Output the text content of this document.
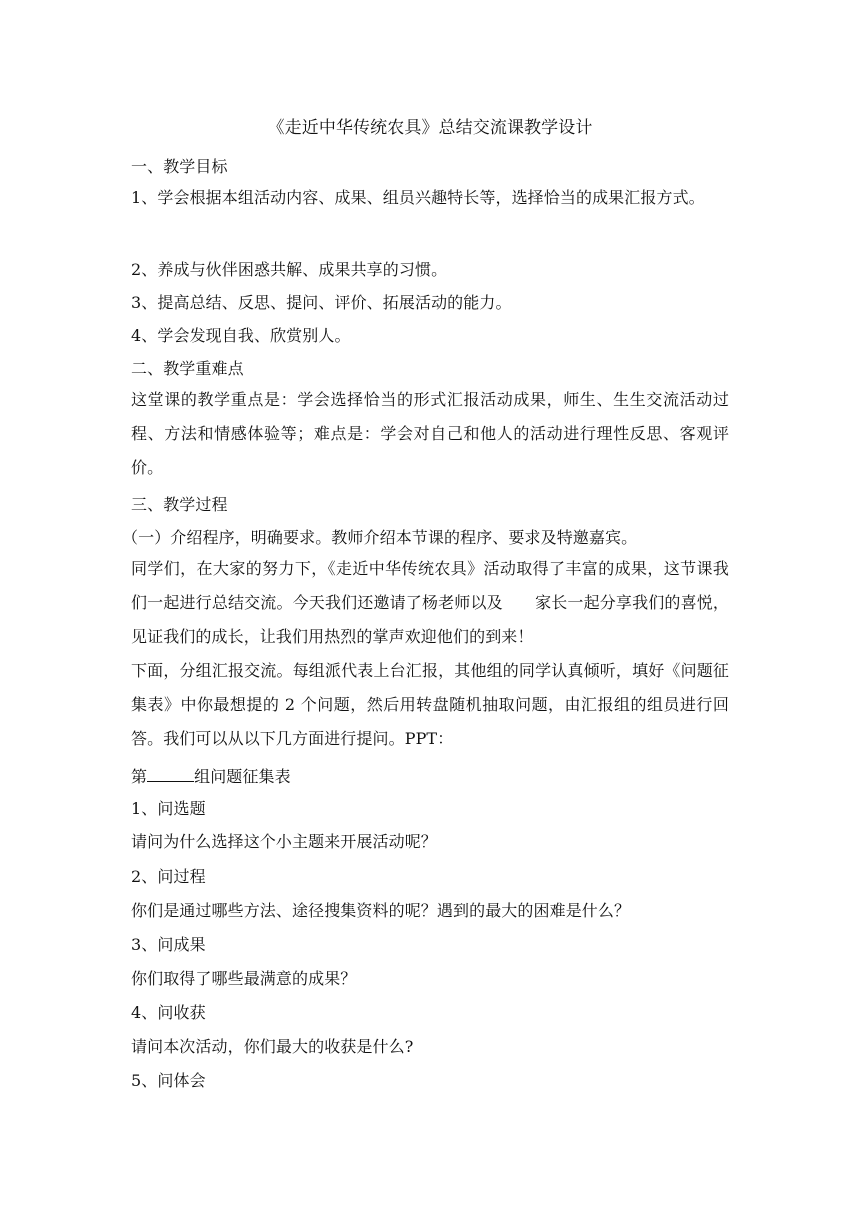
《走近中华传统农具》总结交流课教学设计
一、教学目标
1、学会根据本组活动内容、成果、组员兴趣特长等，选择恰当的成果汇报方式。
2、养成与伙伴困惑共解、成果共享的习惯。
3、提高总结、反思、提问、评价、拓展活动的能力。
4、学会发现自我、欣赏别人。
二、教学重难点
这堂课的教学重点是：学会选择恰当的形式汇报活动成果，师生、生生交流活动过程、方法和情感体验等；难点是：学会对自己和他人的活动进行理性反思、客观评价。
三、教学过程
（一）介绍程序，明确要求。教师介绍本节课的程序、要求及特邀嘉宾。
同学们，在大家的努力下，《走近中华传统农具》活动取得了丰富的成果，这节课我们一起进行总结交流。今天我们还邀请了杨老师以及　　家长一起分享我们的喜悦，见证我们的成长，让我们用热烈的掌声欢迎他们的到来！
下面，分组汇报交流。每组派代表上台汇报，其他组的同学认真倾听，填好《问题征集表》中你最想提的 2 个问题，然后用转盘随机抽取问题，由汇报组的组员进行回答。我们可以从以下几方面进行提问。PPT：
第	组问题征集表
1、问选题
请问为什么选择这个小主题来开展活动呢？
2、问过程
你们是通过哪些方法、途径搜集资料的呢？遇到的最大的困难是什么？
3、问成果
你们取得了哪些最满意的成果？
4、问收获
请问本次活动，你们最大的收获是什么?
5、问体会
